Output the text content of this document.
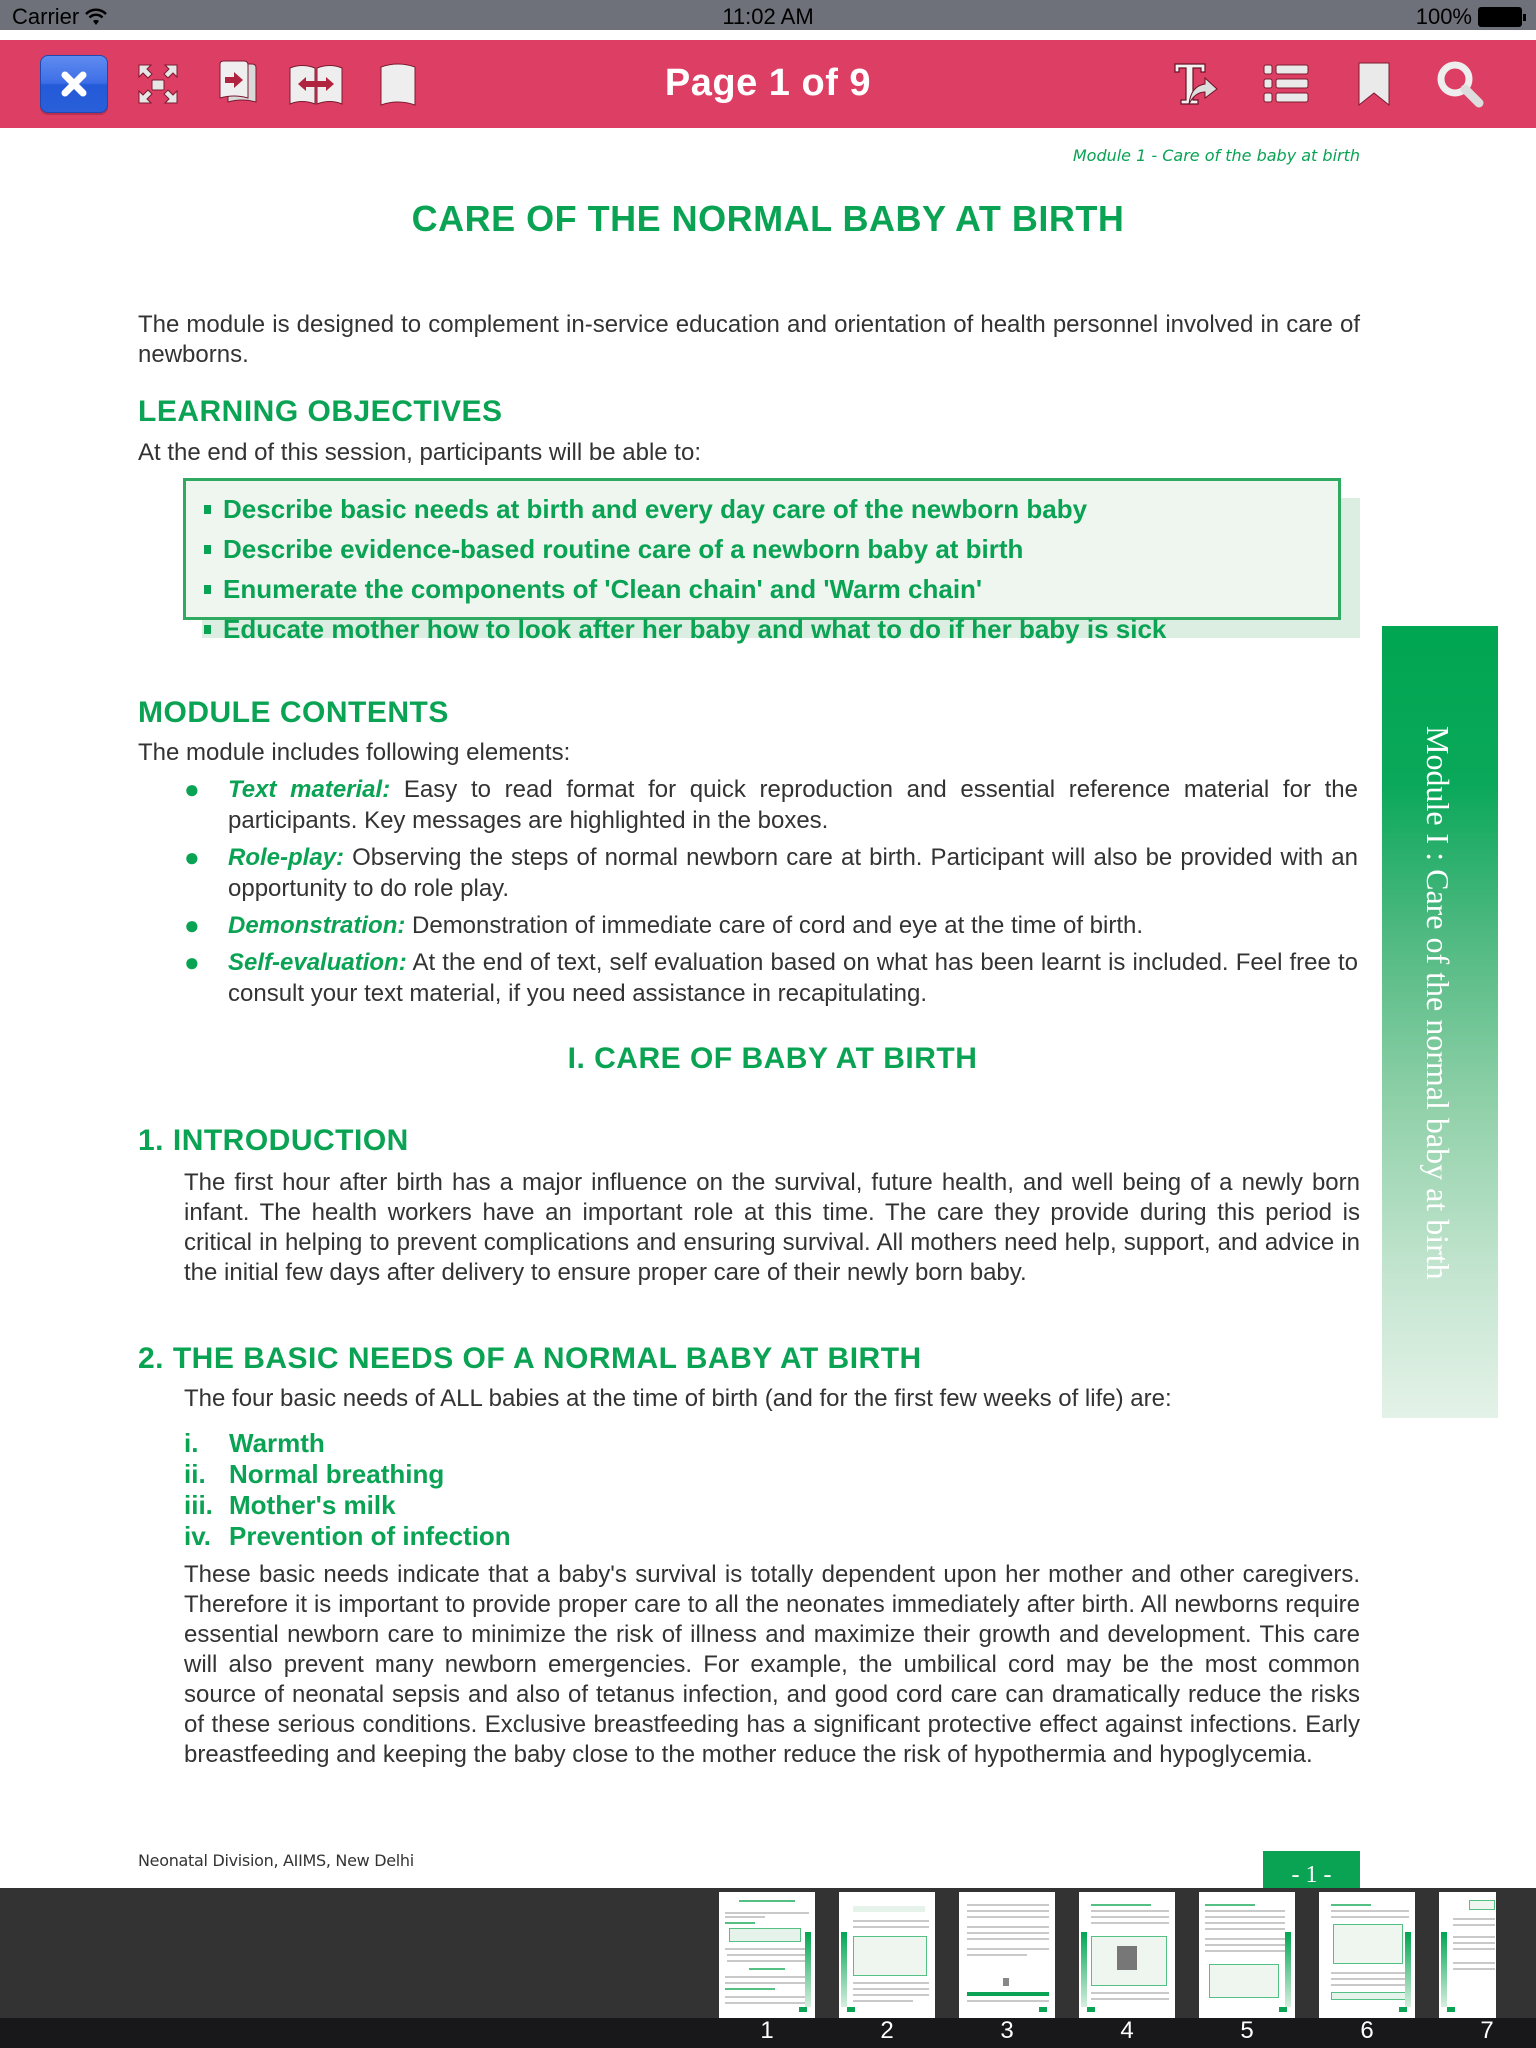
Carrier	11:02 AM	100%
Page 1 of 9
Module 1 - Care of the baby at birth
CARE OF THE NORMAL BABY AT BIRTH
The module is designed to complement in-service education and orientation of health personnel involved in care of newborns.
LEARNING OBJECTIVES
At the end of this session, participants will be able to:
Describe basic needs at birth and every day care of the newborn baby
Describe evidence-based routine care of a newborn baby at birth
Enumerate the components of 'Clean chain' and 'Warm chain'
Educate mother how to look after her baby and what to do if her baby is sick
MODULE CONTENTS
The module includes following elements:
●	Text material: Easy to read format for quick reproduction and essential reference material for the participants. Key messages are highlighted in the boxes.
●	Role-play: Observing the steps of normal newborn care at birth. Participant will also be provided with an opportunity to do role play.
●	Demonstration: Demonstration of immediate care of cord and eye at the time of birth.
●	Self-evaluation: At the end of text, self evaluation based on what has been learnt is included. Feel free to consult your text material, if you need assistance in recapitulating.
I. CARE OF BABY AT BIRTH
1. INTRODUCTION
The first hour after birth has a major influence on the survival, future health, and well being of a newly born infant. The health workers have an important role at this time. The care they provide during this period is critical in helping to prevent complications and ensuring survival. All mothers need help, support, and advice in the initial few days after delivery to ensure proper care of their newly born baby.
2. THE BASIC NEEDS OF A NORMAL BABY AT BIRTH
The four basic needs of ALL babies at the time of birth (and for the first few weeks of life) are:
i.	Warmth
ii. Normal breathing
iii. Mother's milk
iv. Prevention of infection
These basic needs indicate that a baby's survival is totally dependent upon her mother and other caregivers. Therefore it is important to provide proper care to all the neonates immediately after birth. All newborns require essential newborn care to minimize the risk of illness and maximize their growth and development. This care will also prevent many newborn emergencies. For example, the umbilical cord may be the most common source of neonatal sepsis and also of tetanus infection, and good cord care can dramatically reduce the risks of these serious conditions. Exclusive breastfeeding has a significant protective effect against infections. Early breastfeeding and keeping the baby close to the mother reduce the risk of hypothermia and hypoglycemia.
Module I : Care of the normal baby at birth
Neonatal Division, AIIMS, New Delhi
- 1 -
1	2	3	4	5	6	7
